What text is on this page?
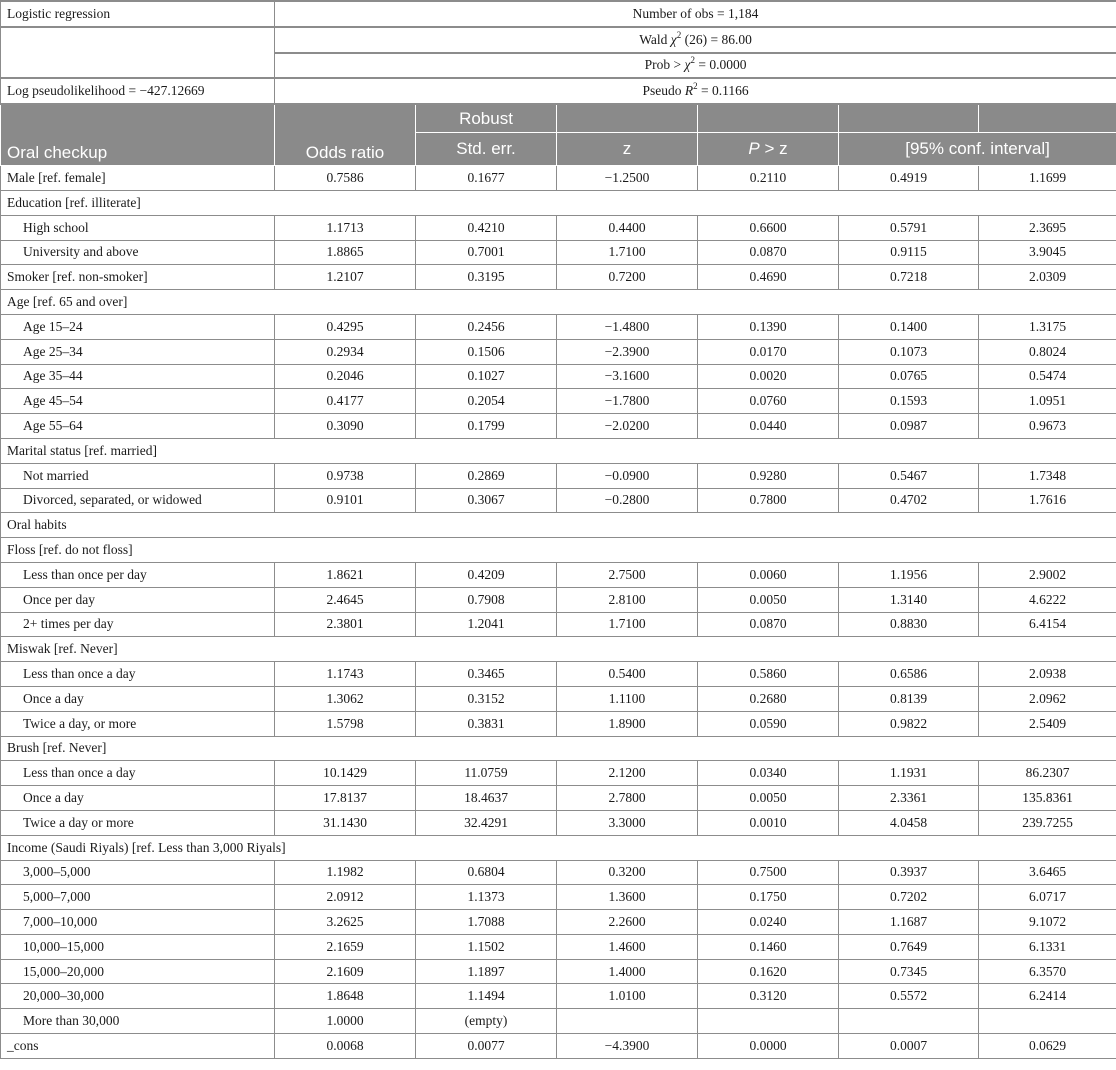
Logistic regression	Number of obs = 1,184					
	Wald $\chi^2$ (26) = 86.00					
	Prob > $\chi^2 = 0.0000$					
Log pseudolikelihood = −427.12669	Pseudo $R^2 = 0.1166$					
Oral checkup	Odds ratio	Robust				
		Std. err.	z	P > z	[95% conf. interval]	
Male [ref. female]	0.7586	0.1677	−1.2500	0.2110	0.4919	1.1699
Education [ref. illiterate]						
High school	1.1713	0.4210	0.4400	0.6600	0.5791	2.3695
University and above	1.8865	0.7001	1.7100	0.0870	0.9115	3.9045
Smoker [ref. non-smoker]	1.2107	0.3195	0.7200	0.4690	0.7218	2.0309
Age [ref. 65 and over]						
Age 15–24	0.4295	0.2456	−1.4800	0.1390	0.1400	1.3175
Age 25–34	0.2934	0.1506	−2.3900	0.0170	0.1073	0.8024
Age 35–44	0.2046	0.1027	−3.1600	0.0020	0.0765	0.5474
Age 45–54	0.4177	0.2054	−1.7800	0.0760	0.1593	1.0951
Age 55–64	0.3090	0.1799	−2.0200	0.0440	0.0987	0.9673
Marital status [ref. married]						
Not married	0.9738	0.2869	−0.0900	0.9280	0.5467	1.7348
Divorced, separated, or widowed	0.9101	0.3067	−0.2800	0.7800	0.4702	1.7616
Oral habits						
Floss [ref. do not floss]						
Less than once per day	1.8621	0.4209	2.7500	0.0060	1.1956	2.9002
Once per day	2.4645	0.7908	2.8100	0.0050	1.3140	4.6222
2+ times per day	2.3801	1.2041	1.7100	0.0870	0.8830	6.4154
Miswak [ref. Never]						
Less than once a day	1.1743	0.3465	0.5400	0.5860	0.6586	2.0938
Once a day	1.3062	0.3152	1.1100	0.2680	0.8139	2.0962
Twice a day, or more	1.5798	0.3831	1.8900	0.0590	0.9822	2.5409
Brush [ref. Never]						
Less than once a day	10.1429	11.0759	2.1200	0.0340	1.1931	86.2307
Once a day	17.8137	18.4637	2.7800	0.0050	2.3361	135.8361
Twice a day or more	31.1430	32.4291	3.3000	0.0010	4.0458	239.7255
Income (Saudi Riyals) [ref. Less than 3,000 Riyals]						
3,000–5,000	1.1982	0.6804	0.3200	0.7500	0.3937	3.6465
5,000–7,000	2.0912	1.1373	1.3600	0.1750	0.7202	6.0717
7,000–10,000	3.2625	1.7088	2.2600	0.0240	1.1687	9.1072
10,000–15,000	2.1659	1.1502	1.4600	0.1460	0.7649	6.1331
15,000–20,000	2.1609	1.1897	1.4000	0.1620	0.7345	6.3570
20,000–30,000	1.8648	1.1494	1.0100	0.3120	0.5572	6.2414
More than 30,000	1.0000	(empty)				
_cons	0.0068	0.0077	−4.3900	0.0000	0.0007	0.0629
